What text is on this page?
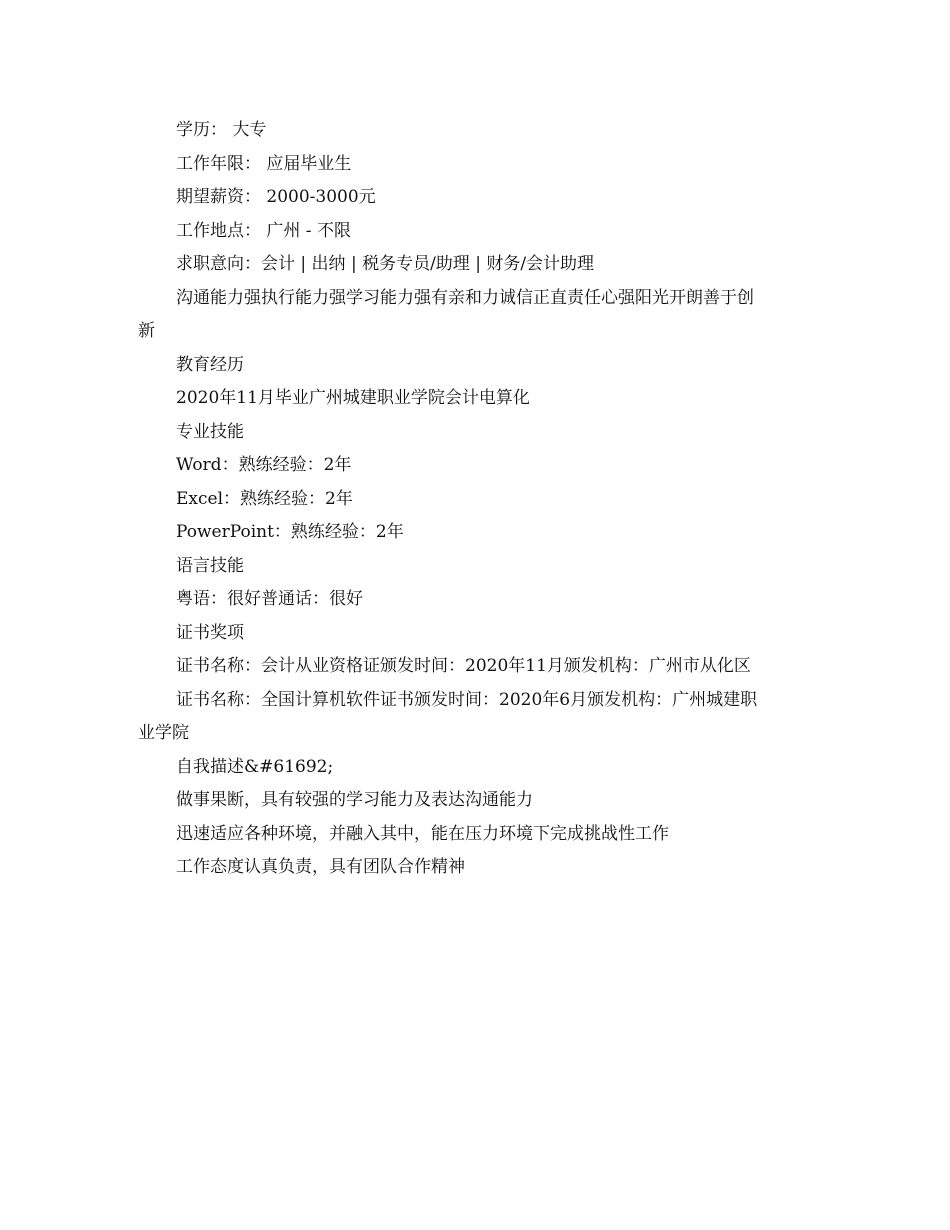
学历： 大专
工作年限： 应届毕业生
期望薪资： 2000-3000元
工作地点： 广州 - 不限
求职意向：会计 | 出纳 | 税务专员/助理 | 财务/会计助理
沟通能力强执行能力强学习能力强有亲和力诚信正直责任心强阳光开朗善于创
新
教育经历
2020年11月毕业广州城建职业学院会计电算化
专业技能
Word：熟练经验：2年
Excel：熟练经验：2年
PowerPoint：熟练经验：2年
语言技能
粤语：很好普通话：很好
证书奖项
证书名称：会计从业资格证颁发时间：2020年11月颁发机构：广州市从化区
证书名称：全国计算机软件证书颁发时间：2020年6月颁发机构：广州城建职
业学院
自我描述&#61692;
做事果断，具有较强的学习能力及表达沟通能力
迅速适应各种环境，并融入其中，能在压力环境下完成挑战性工作
工作态度认真负责，具有团队合作精神
